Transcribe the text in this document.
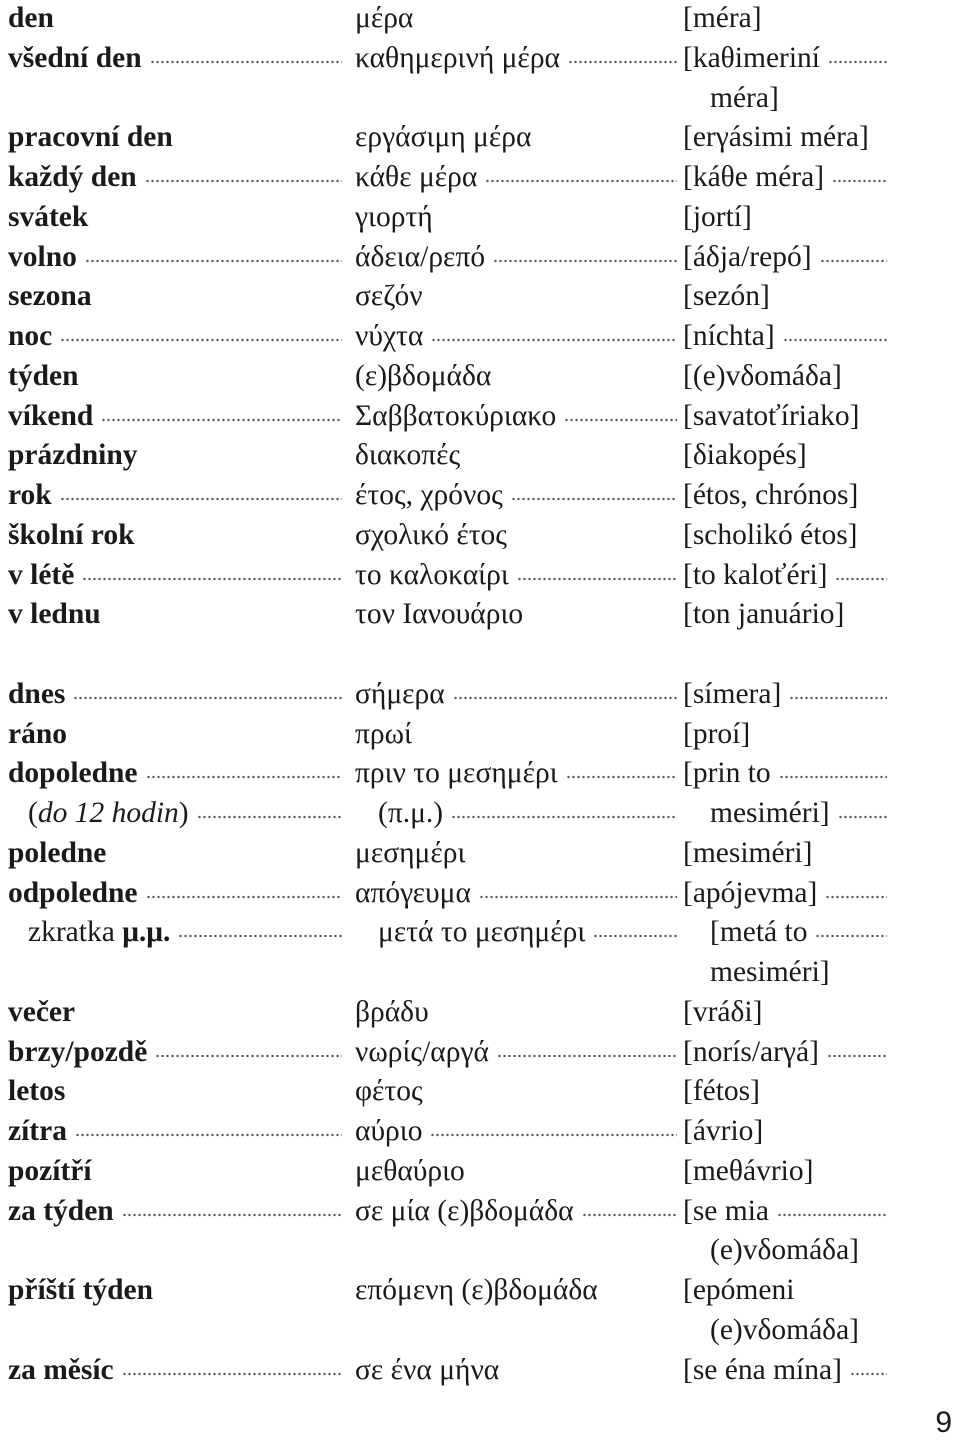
den	μέρα	[méra]
všední den	καθημερινή μέρα	[kaθimeriní
méra]
pracovní den	εργάσιμη μέρα	[erγásimi méra]
každý den	κάθε μέρα	[káθe méra]
svátek	γιορτή	[jortí]
volno	άδεια/ρεπό	[áδja/repó]
sezona	σεζόν	[sezón]
noc	νύχτα	[níchta]
týden	(ε)βδομάδα	[(e)vδomáδa]
víkend	Σαββατοκύριακο	[savatoťíriako]
prázdniny	διακοπές	[δiakopés]
rok	έτος, χρόνος	[étos, chrónos]
školní rok	σχολικό έτος	[scholikó étos]
v létě	το καλοκαίρι	[to kaloťéri]
v lednu	τον Ιανουάριο	[ton januário]
dnes	σήμερα	[símera]
ráno	πρωί	[proí]
dopoledne	πριν το μεσημέρι	[prin to
(do 12 hodin)	(π.μ.)	mesiméri]
poledne	μεσημέρι	[mesiméri]
odpoledne	απόγευμα	[apójevma]
zkratka μ.μ.	μετά το μεσημέρι	[metá to
mesiméri]
večer	βράδυ	[vráδi]
brzy/pozdě	νωρίς/αργά	[norís/arγá]
letos	φέτος	[fétos]
zítra	αύριο	[ávrio]
pozítří	μεθαύριο	[meθávrio]
za týden	σε μία (ε)βδομάδα	[se mia
(e)vδomáδa]
příští týden	επόμενη (ε)βδομάδα	[epómeni
(e)vδomáδa]
za měsíc	σε ένα μήνα	[se éna mína]
9
